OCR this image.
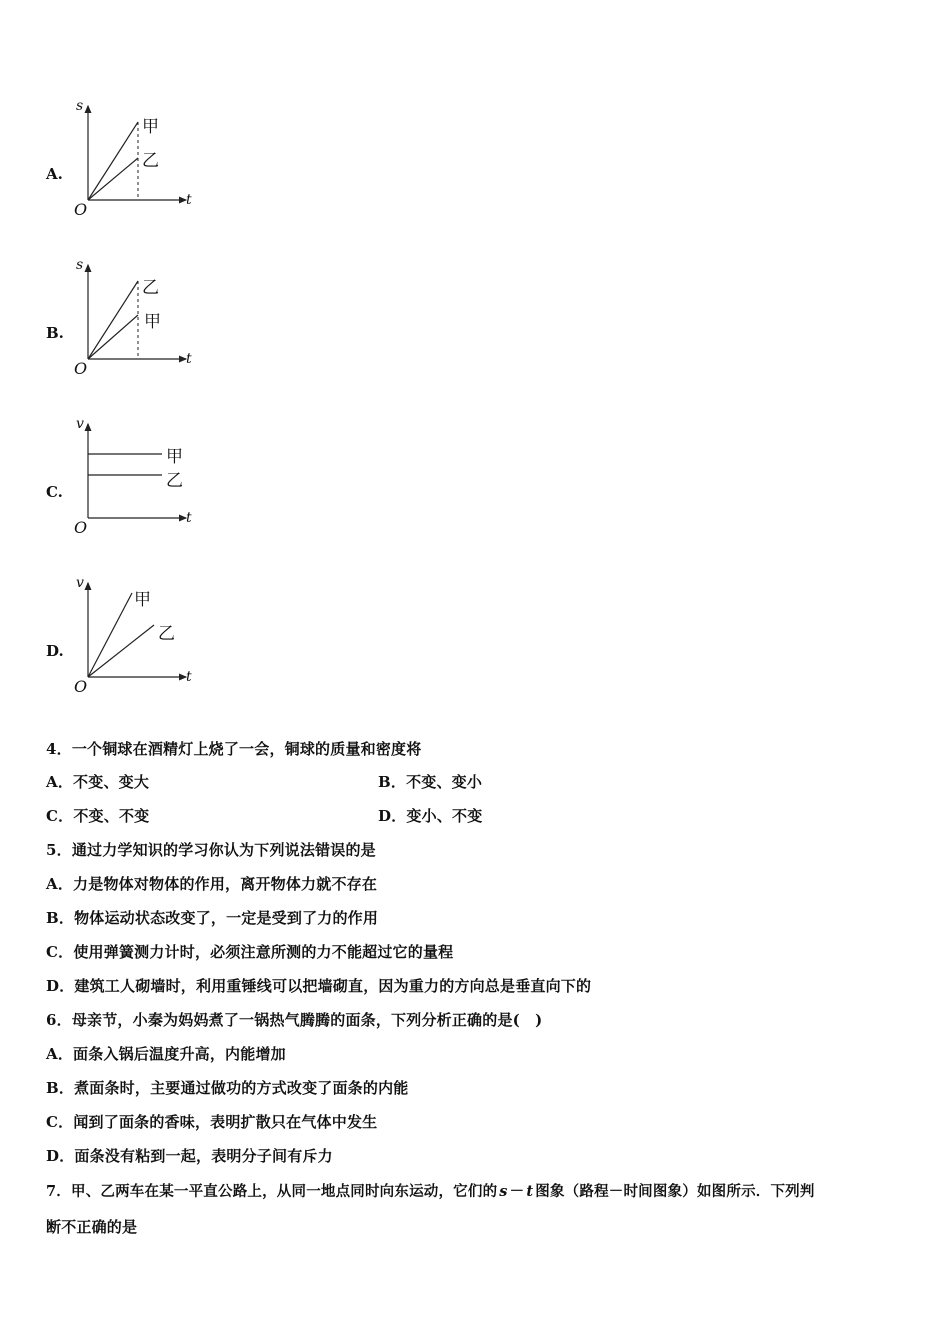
A.
s
t
O
甲
乙
B.
s
t
O
乙
甲
C.
v
t
O
甲
乙
D.
v
t
O
甲
乙
4．一个铜球在酒精灯上烧了一会，铜球的质量和密度将
A．不变、变大	B．不变、变小
C．不变、不变	D．变小、不变
5．通过力学知识的学习你认为下列说法错误的是
A．力是物体对物体的作用，离开物体力就不存在
B．物体运动状态改变了，一定是受到了力的作用
C．使用弹簧测力计时，必须注意所测的力不能超过它的量程
D．建筑工人砌墙时，利用重锤线可以把墙砌直，因为重力的方向总是垂直向下的
6．母亲节，小秦为妈妈煮了一锅热气腾腾的面条，下列分析正确的是(　)
A．面条入锅后温度升高，内能增加
B．煮面条时，主要通过做功的方式改变了面条的内能
C．闻到了面条的香味，表明扩散只在气体中发生
D．面条没有粘到一起，表明分子间有斥力
7．甲、乙两车在某一平直公路上，从同一地点同时向东运动，它们的 s － t 图象（路程－时间图象）如图所示．下列判
断不正确的是
